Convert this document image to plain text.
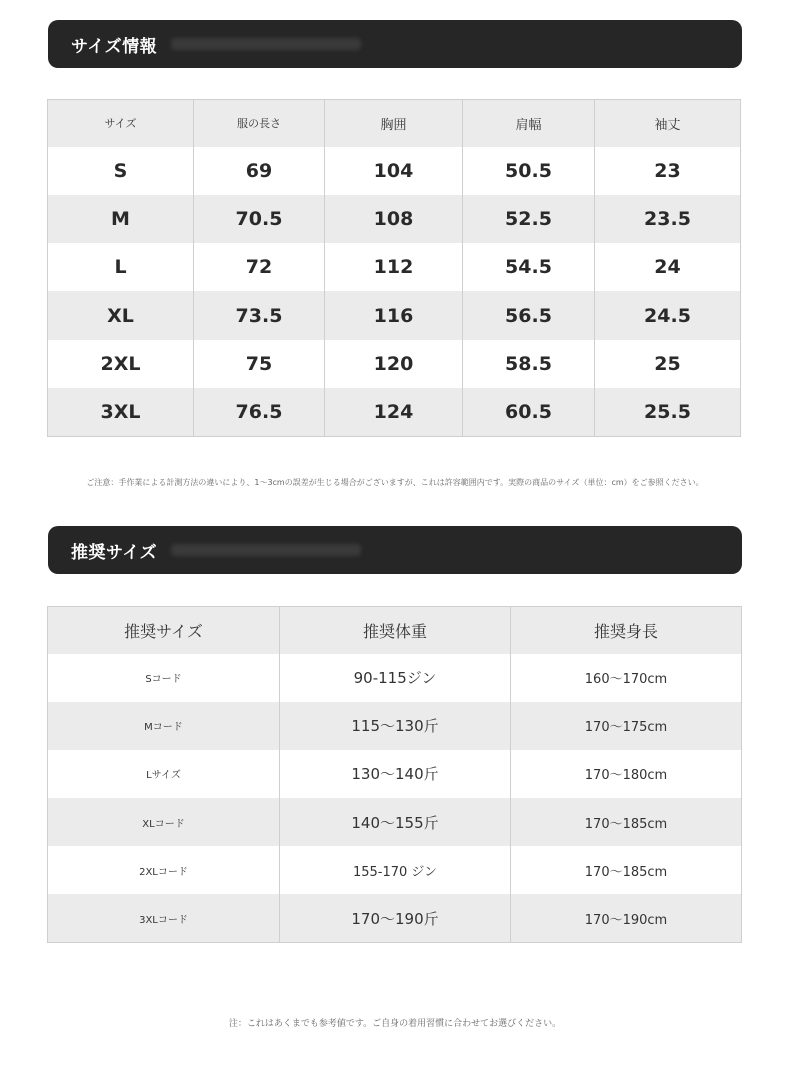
サイズ情報
サイズ	服の長さ	胸囲	肩幅	袖丈
S	69	104	50.5	23
M	70.5	108	52.5	23.5
L	72	112	54.5	24
XL	73.5	116	56.5	24.5
2XL	75	120	58.5	25
3XL	76.5	124	60.5	25.5
ご注意：手作業による計測方法の違いにより、1〜3cmの誤差が生じる場合がございますが、これは許容範囲内です。実際の商品のサイズ（単位：cm）をご参照ください。
推奨サイズ
推奨サイズ	推奨体重	推奨身長
Sコード	90-115ジン	160〜170cm
Mコード	115〜130斤	170〜175cm
Lサイズ	130〜140斤	170〜180cm
XLコード	140〜155斤	170〜185cm
2XLコード	155-170 ジン	170〜185cm
3XLコード	170〜190斤	170〜190cm
注：これはあくまでも参考値です。ご自身の着用習慣に合わせてお選びください。
